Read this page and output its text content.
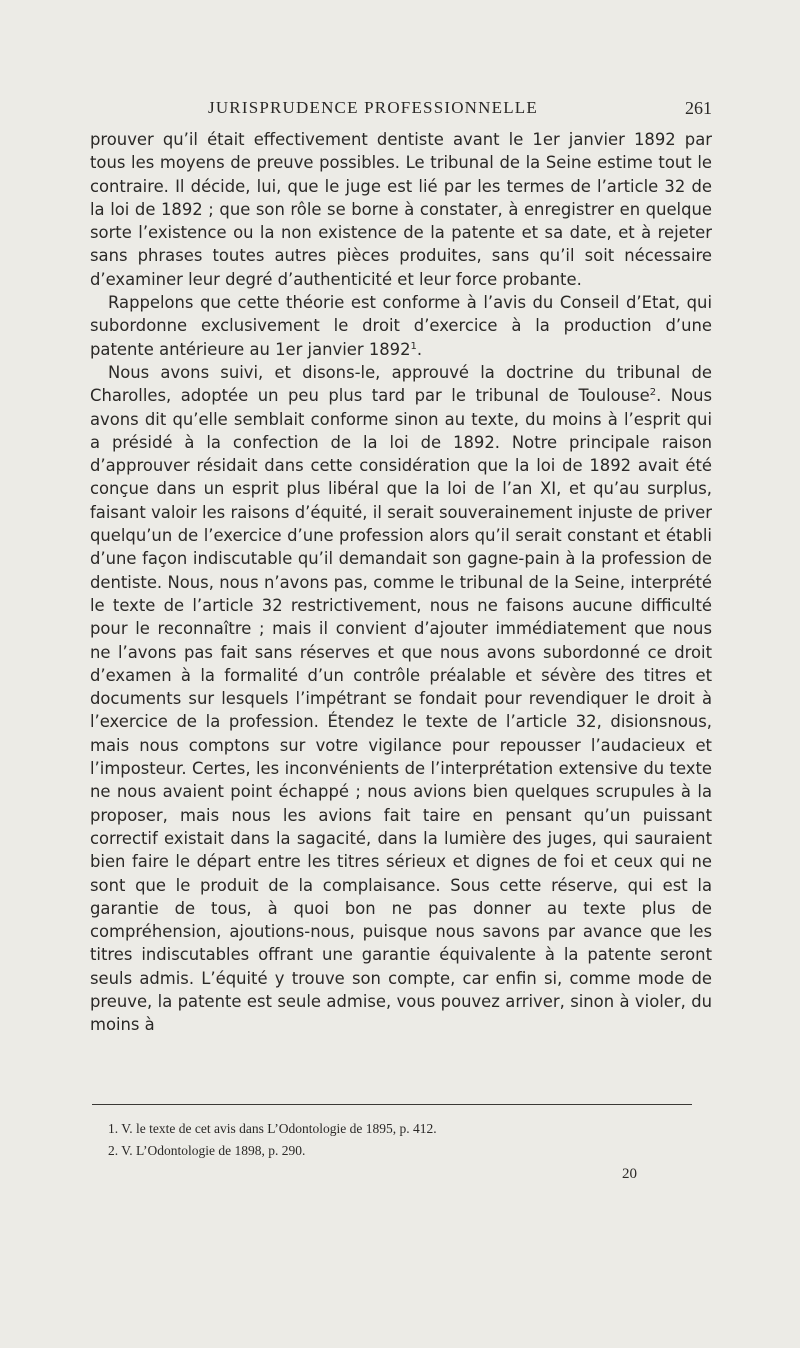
JURISPRUDENCE PROFESSIONNELLE	261

prouver qu’il était effectivement dentiste avant le 1er janvier 1892 par tous les moyens de preuve possibles. Le tribunal de la Seine estime tout le contraire. Il décide, lui, que le juge est lié par les termes de l’article 32 de la loi de 1892 ; que son rôle se borne à constater, à enregistrer en quelque sorte l’existence ou la non existence de la patente et sa date, et à rejeter sans phrases toutes autres pièces produites, sans qu’il soit nécessaire d’examiner leur degré d’authenticité et leur force probante.

Rappelons que cette théorie est conforme à l’avis du Conseil d’Etat, qui subordonne exclusivement le droit d’exercice à la production d’une patente antérieure au 1er janvier 1892$^1$.

Nous avons suivi, et disons-le, approuvé la doctrine du tribunal de Charolles, adoptée un peu plus tard par le tribunal de Toulouse$^2$. Nous avons dit qu’elle semblait conforme sinon au texte, du moins à l’esprit qui a présidé à la confection de la loi de 1892. Notre principale raison d’approuver résidait dans cette considération que la loi de 1892 avait été conçue dans un esprit plus libéral que la loi de l’an XI, et qu’au surplus, faisant valoir les raisons d’équité, il serait souverainement injuste de priver quelqu’un de l’exercice d’une profession alors qu’il serait constant et établi d’une façon indiscutable qu’il demandait son gagne-pain à la profession de dentiste. Nous, nous n’avons pas, comme le tribunal de la Seine, interprété le texte de l’article 32 restrictivement, nous ne faisons aucune difficulté pour le reconnaître ; mais il convient d’ajouter immédiatement que nous ne l’avons pas fait sans réserves et que nous avons subordonné ce droit d’examen à la formalité d’un contrôle préalable et sévère des titres et documents sur lesquels l’impétrant se fondait pour revendiquer le droit à l’exercice de la profession. Étendez le texte de l’article 32, disionsnous, mais nous comptons sur votre vigilance pour repousser l’audacieux et l’imposteur. Certes, les inconvénients de l’interprétation extensive du texte ne nous avaient point échappé ; nous avions bien quelques scrupules à la proposer, mais nous les avions fait taire en pensant qu’un puissant correctif existait dans la sagacité, dans la lumière des juges, qui sauraient bien faire le départ entre les titres sérieux et dignes de foi et ceux qui ne sont que le produit de la complaisance. Sous cette réserve, qui est la garantie de tous, à quoi bon ne pas donner au texte plus de compréhension, ajoutions-nous, puisque nous savons par avance que les titres indiscutables offrant une garantie équivalente à la patente seront seuls admis. L’équité y trouve son compte, car enfin si, comme mode de preuve, la patente est seule admise, vous pouvez arriver, sinon à violer, du moins à

1. V. le texte de cet avis dans L’Odontologie de 1895, p. 412.

2. V. L’Odontologie de 1898, p. 290.

20
